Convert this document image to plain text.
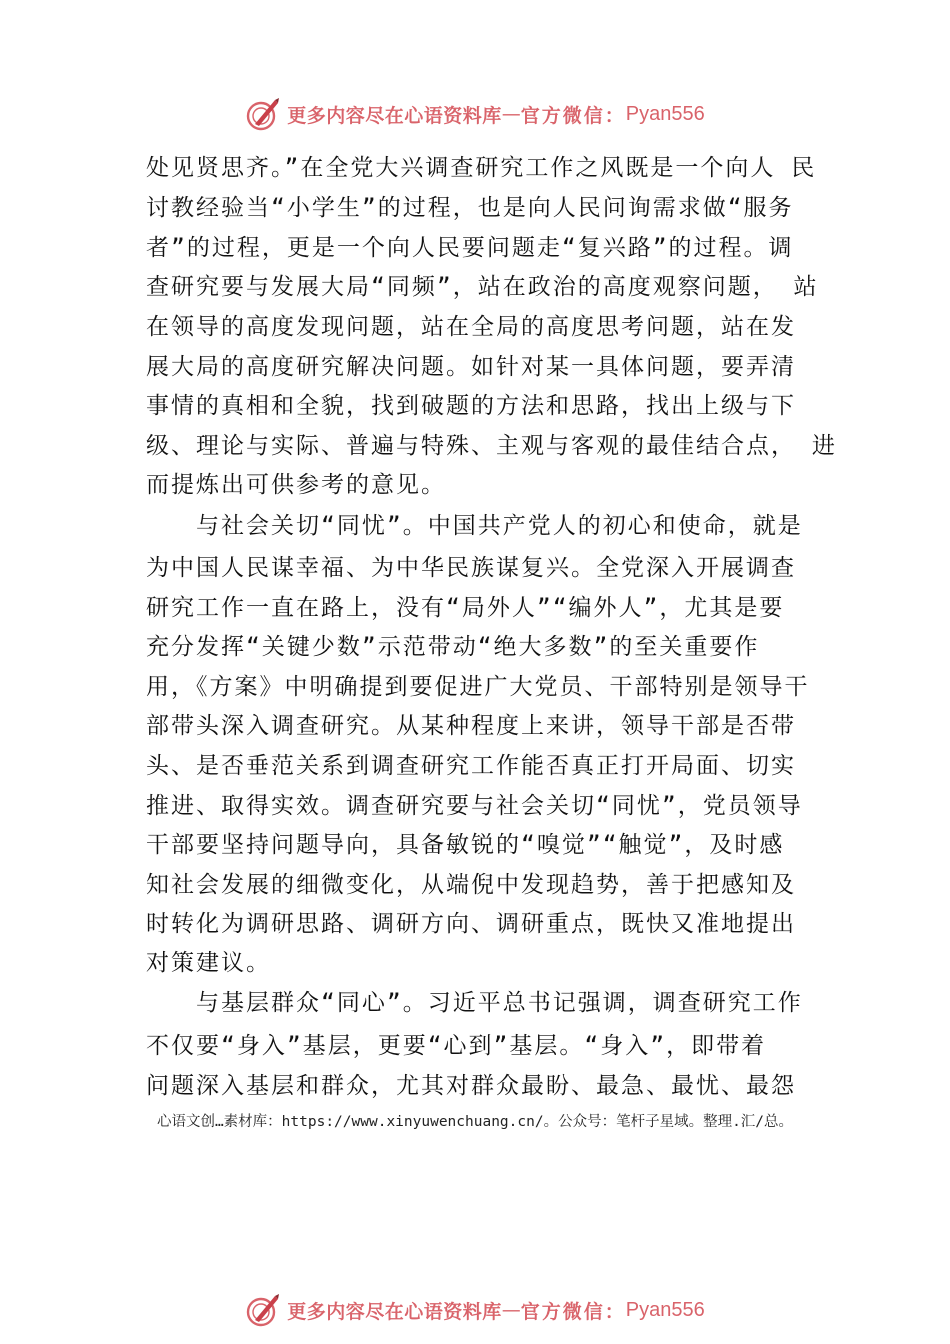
更多内容尽在心语资料库 — 官方微信： Pyan556
处见贤思齐。”在全党大兴调查研究工作之风既是一个向人 民
讨教经验当“小学生”的过程，也是向人民问询需求做“服务
者”的过程，更是一个向人民要问题走“复兴路”的过程。调
查研究要与发展大局“同频”，站在政治的高度观察问题， 站
在领导的高度发现问题，站在全局的高度思考问题，站在发
展大局的高度研究解决问题。如针对某一具体问题，要弄清
事情的真相和全貌，找到破题的方法和思路，找出上级与下
级、理论与实际、普遍与特殊、主观与客观的最佳结合点， 进
而提炼出可供参考的意见。
与社会关切“同忧”。中国共产党人的初心和使命，就是
为中国人民谋幸福、为中华民族谋复兴。全党深入开展调查
研究工作一直在路上，没有“局外人”“编外人”，尤其是要
充分发挥“关键少数”示范带动“绝大多数”的至关重要作
用，《方案》中明确提到要促进广大党员、干部特别是领导干
部带头深入调查研究。从某种程度上来讲，领导干部是否带
头、是否垂范关系到调查研究工作能否真正打开局面、切实
推进、取得实效。调查研究要与社会关切“同忧”，党员领导
干部要坚持问题导向，具备敏锐的“嗅觉”“触觉”，及时感
知社会发展的细微变化，从端倪中发现趋势，善于把感知及
时转化为调研思路、调研方向、调研重点，既快又准地提出
对策建议。
与基层群众“同心”。习近平总书记强调，调查研究工作
不仅要“身入”基层，更要“心到”基层。“身入”，即带着
问题深入基层和群众，尤其对群众最盼、最急、最忧、最怨
心语文创…素材库：https://www.xinyuwenchuang.cn/。公众号：笔杆子星域。整理.汇/总。
更多内容尽在心语资料库 — 官方微信： Pyan556
